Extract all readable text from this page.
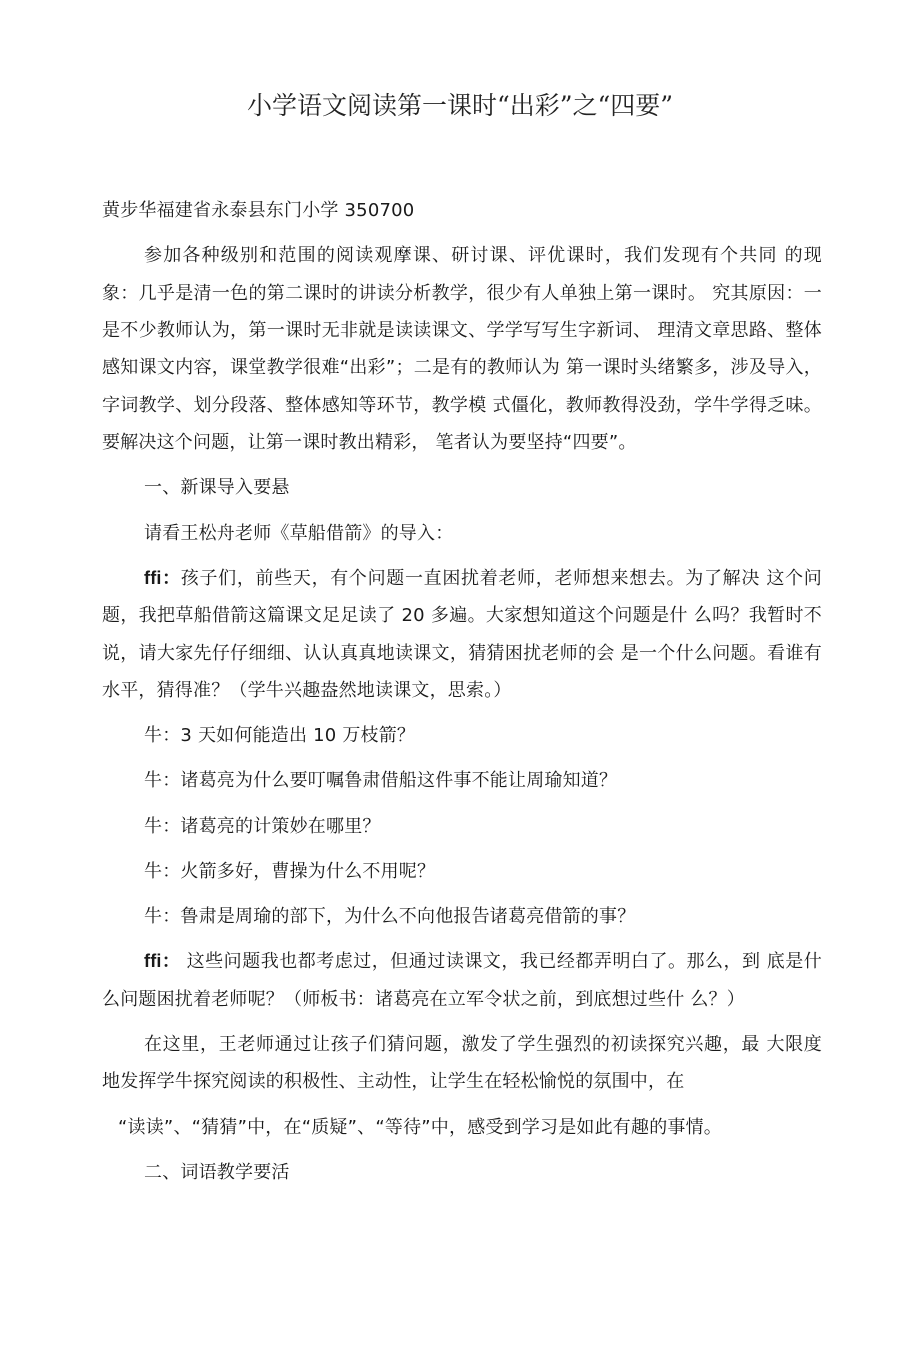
小学语文阅读第一课时“出彩”之“四要”

黄步华福建省永泰县东门小学 350700

参加各种级别和范围的阅读观摩课、研讨课、评优课时，我们发现有个共同 的现象：几乎是清一色的第二课时的讲读分析教学，很少有人单独上第一课时。 究其原因：一是不少教师认为，第一课时无非就是读读课文、学学写写生字新词、 理清文章思路、整体感知课文内容，课堂教学很难“出彩”；二是有的教师认为 第一课时头绪繁多，涉及导入，字词教学、划分段落、整体感知等环节，教学模 式僵化，教师教得没劲，学牛学得乏味。要解决这个问题，让第一课时教出精彩， 笔者认为要坚持“四要”。

一、新课导入要悬

请看王松舟老师《草船借箭》的导入：

ffi：孩子们，前些天，有个问题一直困扰着老师，老师想来想去。为了解决 这个问题，我把草船借箭这篇课文足足读了 20 多遍。大家想知道这个问题是什 么吗？我暂时不说，请大家先仔仔细细、认认真真地读课文，猜猜困扰老师的会 是一个什么问题。看谁有水平，猜得准？（学牛兴趣盎然地读课文，思索。）

牛：3 天如何能造出 10 万枝箭？

牛：诸葛亮为什么要叮嘱鲁肃借船这件事不能让周瑜知道？

牛：诸葛亮的计策妙在哪里？

牛：火箭多好，曹操为什么不用呢？

牛：鲁肃是周瑜的部下，为什么不向他报告诸葛亮借箭的事？

ffi： 这些问题我也都考虑过，但通过读课文，我已经都弄明白了。那么，到 底是什么问题困扰着老师呢？（师板书：诸葛亮在立军令状之前，到底想过些什 么？）

在这里，王老师通过让孩子们猜问题，激发了学生强烈的初读探究兴趣，最 大限度地发挥学牛探究阅读的积极性、主动性，让学生在轻松愉悦的氛围中，在

“读读”、“猜猜”中，在“质疑”、“等待”中，感受到学习是如此有趣的事情。

二、词语教学要活
